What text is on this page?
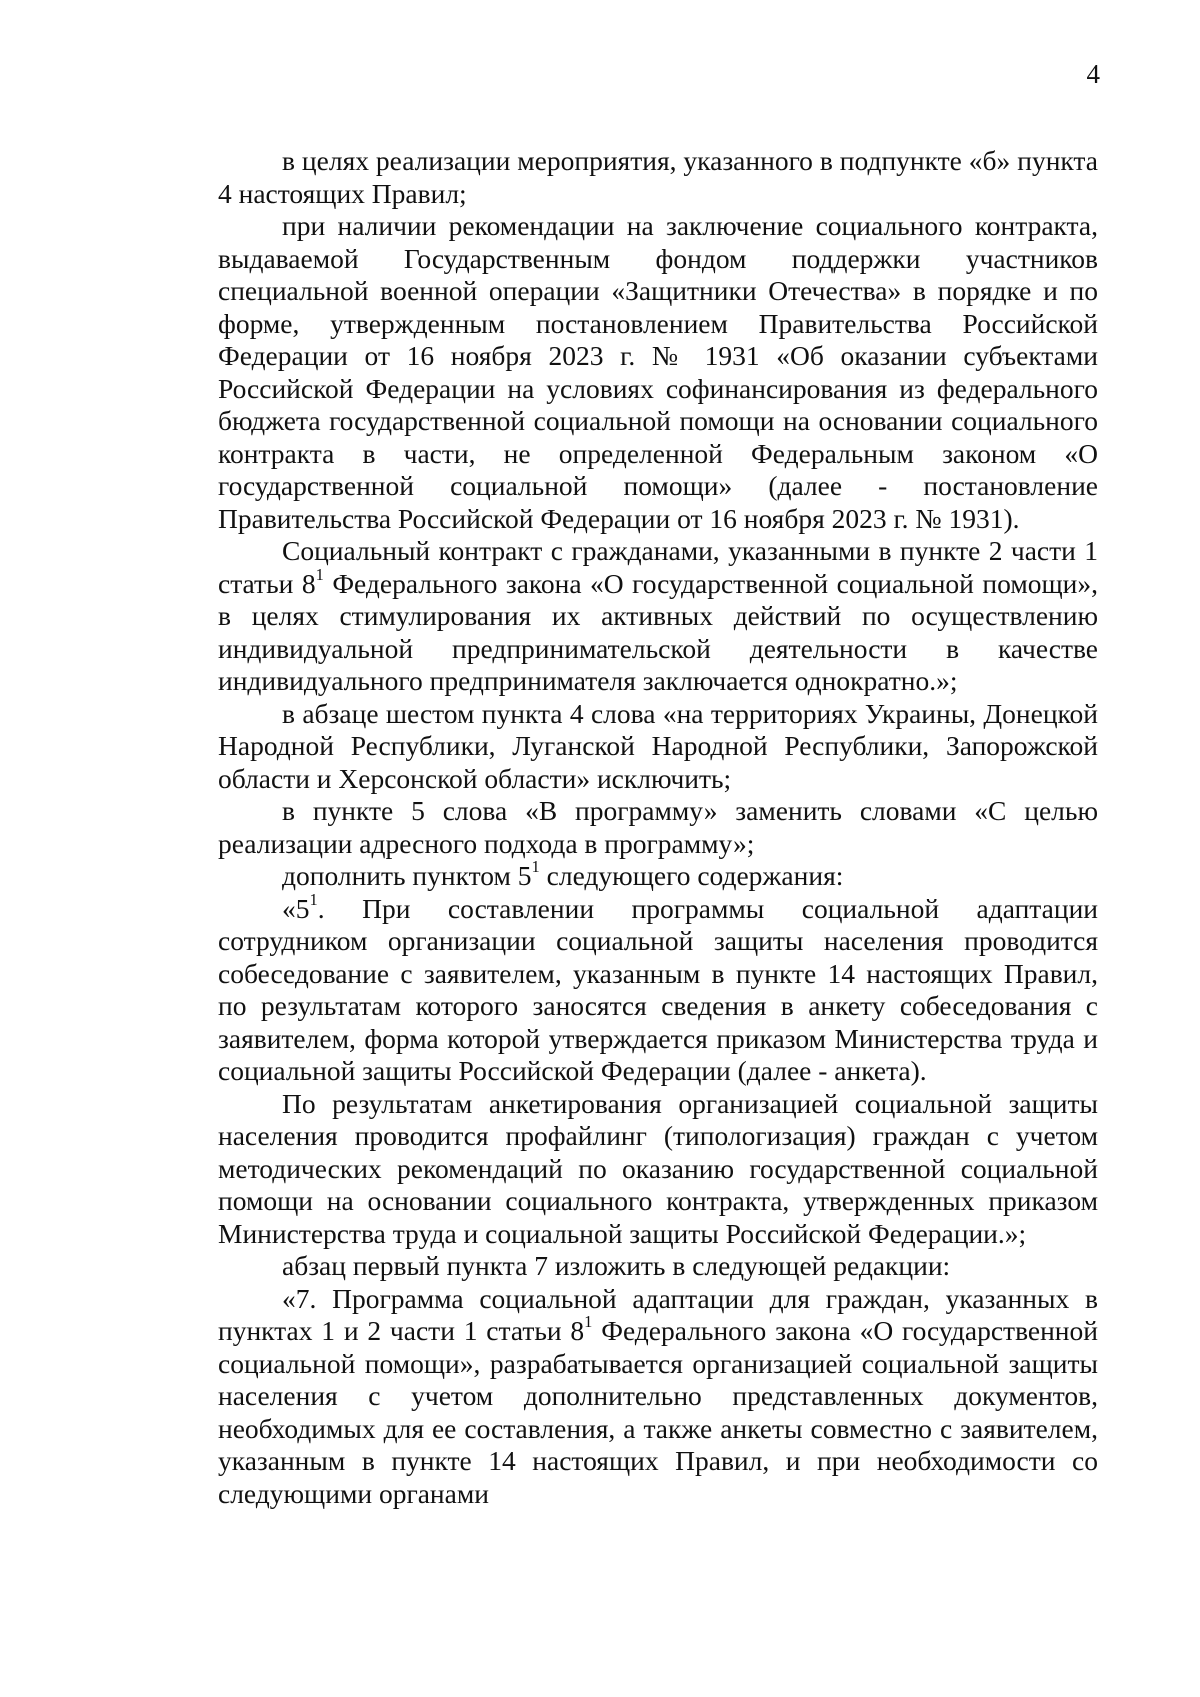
4

в целях реализации мероприятия, указанного в подпункте «б» пункта 4 настоящих Правил;

при наличии рекомендации на заключение социального контракта, выдаваемой Государственным фондом поддержки участников специальной военной операции «Защитники Отечества» в порядке и по форме, утвержденным постановлением Правительства Российской Федерации от 16 ноября 2023 г. № 1931 «Об оказании субъектами Российской Федерации на условиях софинансирования из федерального бюджета государственной социальной помощи на основании социального контракта в части, не определенной Федеральным законом «О государственной социальной помощи» (далее - постановление Правительства Российской Федерации от 16 ноября 2023 г. № 1931).

Социальный контракт с гражданами, указанными в пункте 2 части 1 статьи $8^1$ Федерального закона «О государственной социальной помощи», в целях стимулирования их активных действий по осуществлению индивидуальной предпринимательской деятельности в качестве индивидуального предпринимателя заключается однократно.»;

в абзаце шестом пункта 4 слова «на территориях Украины, Донецкой Народной Республики, Луганской Народной Республики, Запорожской области и Херсонской области» исключить;

в пункте 5 слова «В программу» заменить словами «С целью реализации адресного подхода в программу»;

дополнить пунктом $5^1$ следующего содержания:

«$5^1$. При составлении программы социальной адаптации сотрудником организации социальной защиты населения проводится собеседование с заявителем, указанным в пункте 14 настоящих Правил, по результатам которого заносятся сведения в анкету собеседования с заявителем, форма которой утверждается приказом Министерства труда и социальной защиты Российской Федерации (далее - анкета).

По результатам анкетирования организацией социальной защиты населения проводится профайлинг (типологизация) граждан с учетом методических рекомендаций по оказанию государственной социальной помощи на основании социального контракта, утвержденных приказом Министерства труда и социальной защиты Российской Федерации.»;

абзац первый пункта 7 изложить в следующей редакции:

«7. Программа социальной адаптации для граждан, указанных в пунктах 1 и 2 части 1 статьи $8^1$ Федерального закона «О государственной социальной помощи», разрабатывается организацией социальной защиты населения с учетом дополнительно представленных документов, необходимых для ее составления, а также анкеты совместно с заявителем, указанным в пункте 14 настоящих Правил, и при необходимости со следующими органами
